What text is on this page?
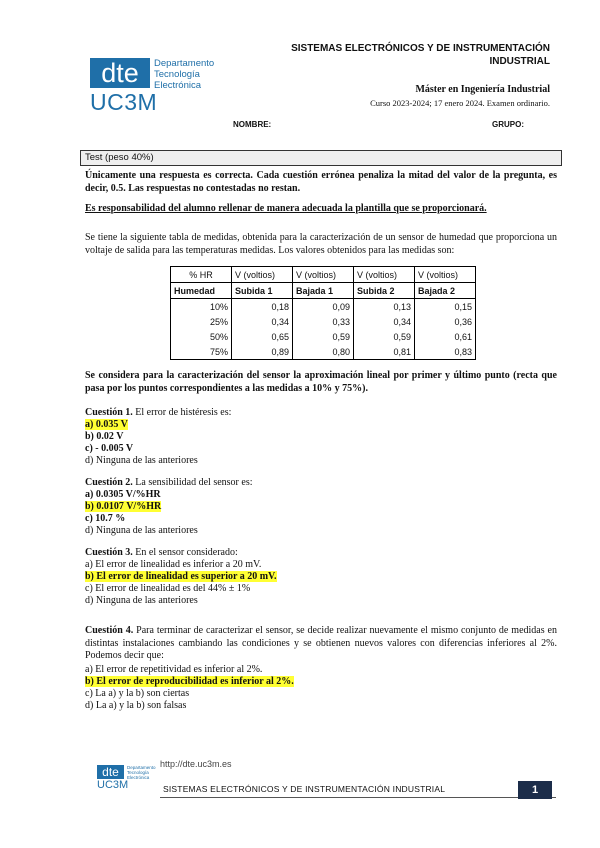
dte	Departamento
Tecnología
Electrónica
UC3M
SISTEMAS ELECTRÓNICOS Y DE INSTRUMENTACIÓN INDUSTRIAL
Máster en Ingeniería Industrial
Curso 2023-2024; 17 enero 2024. Examen ordinario.
NOMBRE:	GRUPO:
Test (peso 40%)
Únicamente una respuesta es correcta. Cada cuestión errónea penaliza la mitad del valor de la pregunta, es decir, 0.5. Las respuestas no contestadas no restan.
Es responsabilidad del alumno rellenar de manera adecuada la plantilla que se proporcionará.
Se tiene la siguiente tabla de medidas, obtenida para la caracterización de un sensor de humedad que proporciona un voltaje de salida para las temperaturas medidas. Los valores obtenidos para las medidas son:
% HR	V (voltios)	V (voltios)	V (voltios)	V (voltios)
Humedad	Subida 1	Bajada 1	Subida 2	Bajada 2
10%	0,18	0,09	0,13	0,15
25%	0,34	0,33	0,34	0,36
50%	0,65	0,59	0,59	0,61
75%	0,89	0,80	0,81	0,83
Se considera para la caracterización del sensor la aproximación lineal por primer y último punto (recta que pasa por los puntos correspondientes a las medidas a 10% y 75%).
Cuestión 1. El error de histéresis es:
a) 0.035 V
b) 0.02 V
c) - 0.005 V
d) Ninguna de las anteriores
Cuestión 2. La sensibilidad del sensor es:
a) 0.0305 V/%HR
b) 0.0107 V/%HR
c) 10.7 %
d) Ninguna de las anteriores
Cuestión 3. En el sensor considerado:
a) El error de linealidad es inferior a 20 mV.
b) El error de linealidad es superior a 20 mV.
c) El error de linealidad es del 44% ± 1%
d) Ninguna de las anteriores
Cuestión 4. Para terminar de caracterizar el sensor, se decide realizar nuevamente el mismo conjunto de medidas en distintas instalaciones cambiando las condiciones y se obtienen nuevos valores con diferencias inferiores al 2%. Podemos decir que:
a) El error de repetitividad es inferior al 2%.
b) El error de reproducibilidad es inferior al 2%.
c) La a) y la b) son ciertas
d) La a) y la b) son falsas
http://dte.uc3m.es
dte	Departamento
Tecnología
Electrónica
UC3M	SISTEMAS ELECTRÓNICOS Y DE INSTRUMENTACIÓN INDUSTRIAL	1
